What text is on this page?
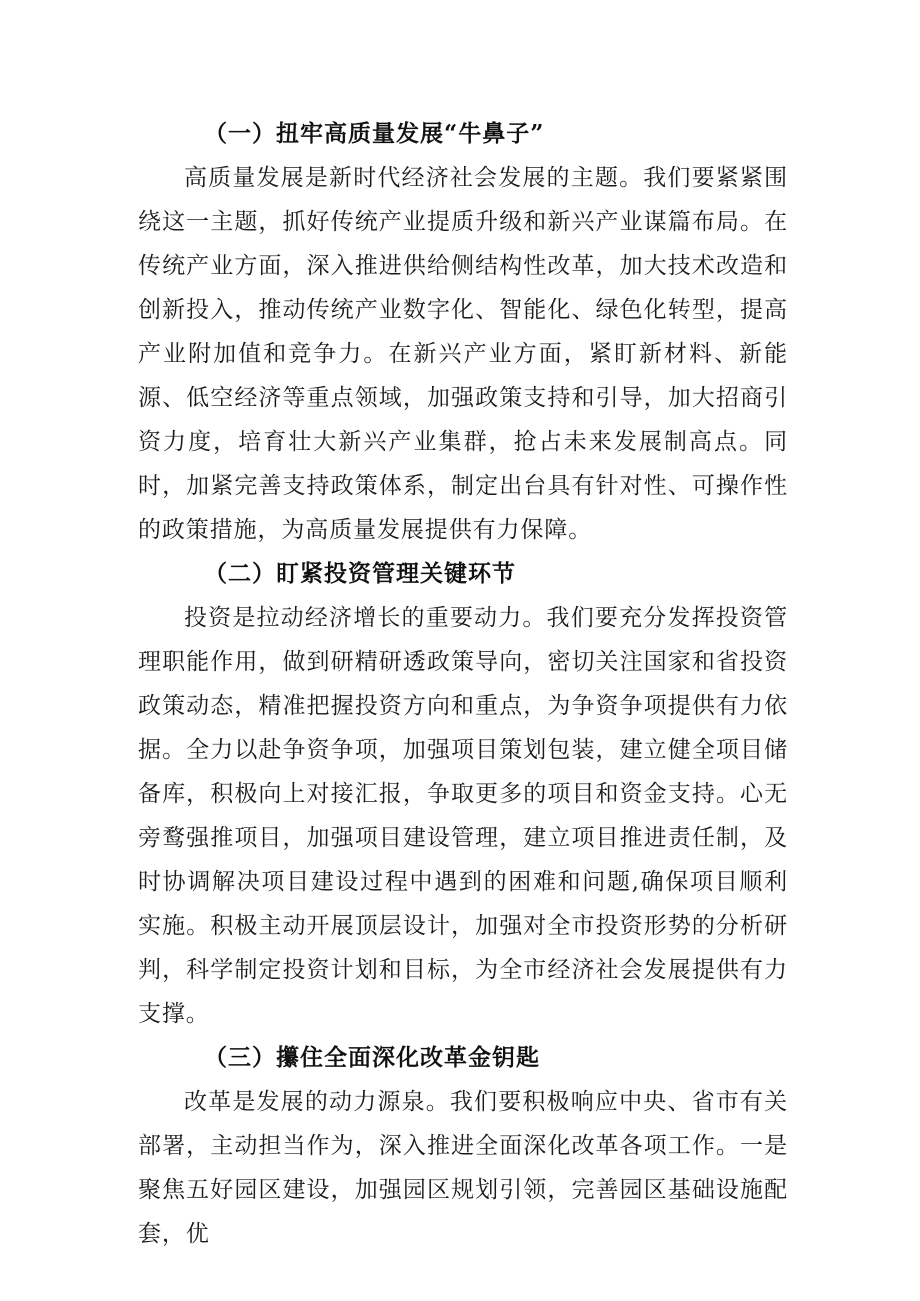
（一）扭牢高质量发展“牛鼻子”

高质量发展是新时代经济社会发展的主题。我们要紧紧围绕这一主题，抓好传统产业提质升级和新兴产业谋篇布局。在传统产业方面，深入推进供给侧结构性改革，加大技术改造和创新投入，推动传统产业数字化、智能化、绿色化转型，提高产业附加值和竞争力。在新兴产业方面，紧盯新材料、新能源、低空经济等重点领域，加强政策支持和引导，加大招商引资力度，培育壮大新兴产业集群，抢占未来发展制高点。同时，加紧完善支持政策体系，制定出台具有针对性、可操作性的政策措施，为高质量发展提供有力保障。

（二）盯紧投资管理关键环节

投资是拉动经济增长的重要动力。我们要充分发挥投资管理职能作用，做到研精研透政策导向，密切关注国家和省投资政策动态，精准把握投资方向和重点，为争资争项提供有力依据。全力以赴争资争项，加强项目策划包装，建立健全项目储备库，积极向上对接汇报，争取更多的项目和资金支持。心无旁鹜强推项目，加强项目建设管理，建立项目推进责任制，及时协调解决项目建设过程中遇到的困难和问题,确保项目顺利实施。积极主动开展顶层设计，加强对全市投资形势的分析研判，科学制定投资计划和目标，为全市经济社会发展提供有力支撑。

（三）攥住全面深化改革金钥匙

改革是发展的动力源泉。我们要积极响应中央、省市有关部署，主动担当作为，深入推进全面深化改革各项工作。一是聚焦五好园区建设，加强园区规划引领，完善园区基础设施配套，优
